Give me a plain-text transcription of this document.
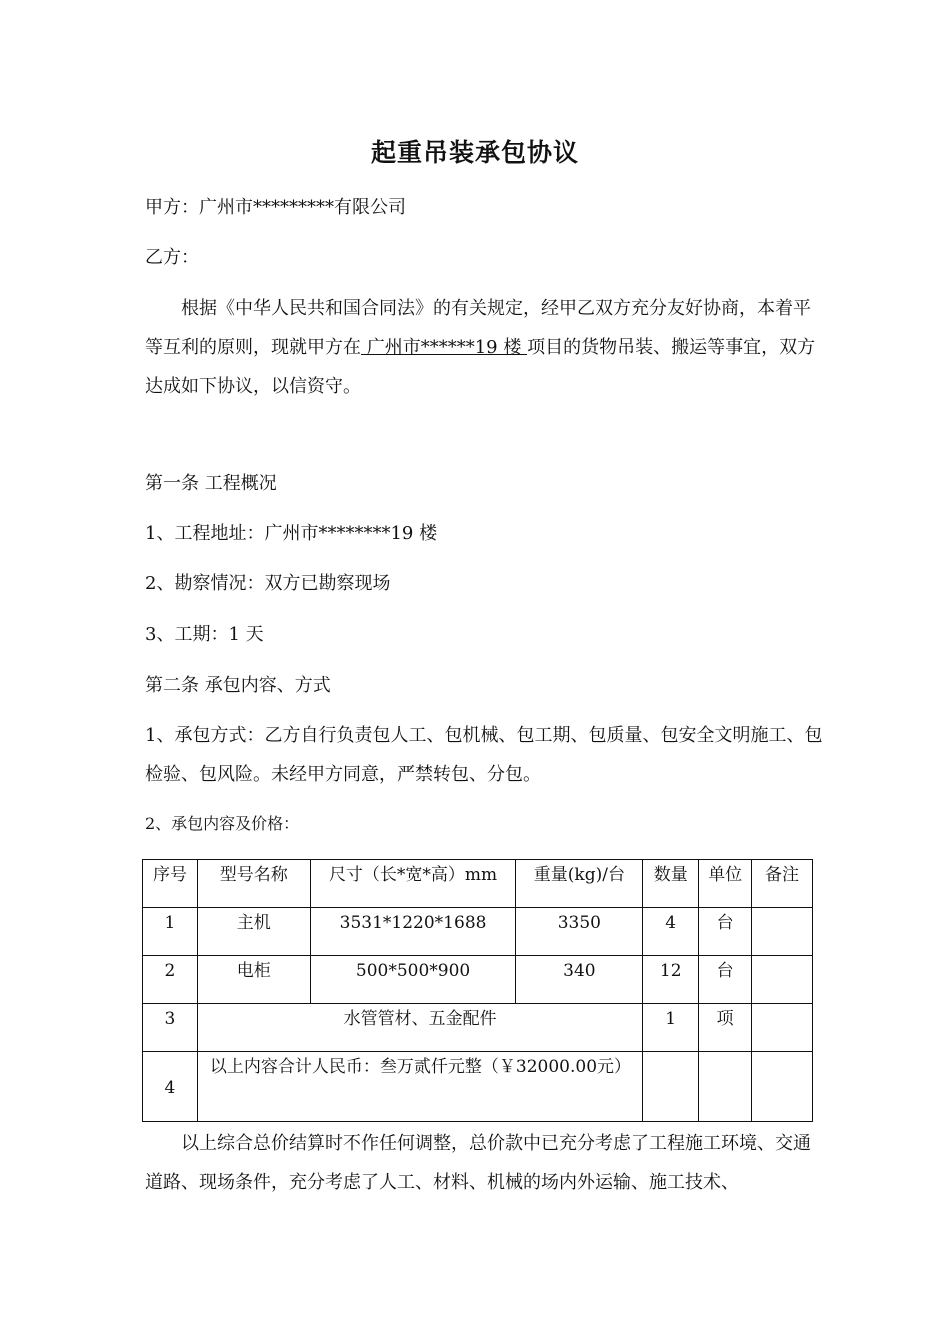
起重吊装承包协议
甲方：广州市*********有限公司
乙方：
根据《中华人民共和国合同法》的有关规定，经甲乙双方充分友好协商，本着平等互利的原则，现就甲方在 广州市******19 楼 项目的货物吊装、搬运等事宜，双方达成如下协议，以信资守。
第一条 工程概况
1、工程地址：广州市********19 楼
2、勘察情况：双方已勘察现场
3、工期：1 天
第二条 承包内容、方式
1、承包方式：乙方自行负责包人工、包机械、包工期、包质量、包安全文明施工、包检验、包风险。未经甲方同意，严禁转包、分包。
2、承包内容及价格：
序号	型号名称	尺寸（长*宽*高）mm	重量(kg)/台	数量	单位	备注
1	主机	3531*1220*1688	3350	4	台	
2	电柜	500*500*900	340	12	台	
3	水管管材、五金配件			1	项	
4	以上内容合计人民币：叁万贰仟元整（￥32000.00元）					
以上综合总价结算时不作任何调整，总价款中已充分考虑了工程施工环境、交通道路、现场条件，充分考虑了人工、材料、机械的场内外运输、施工技术、
